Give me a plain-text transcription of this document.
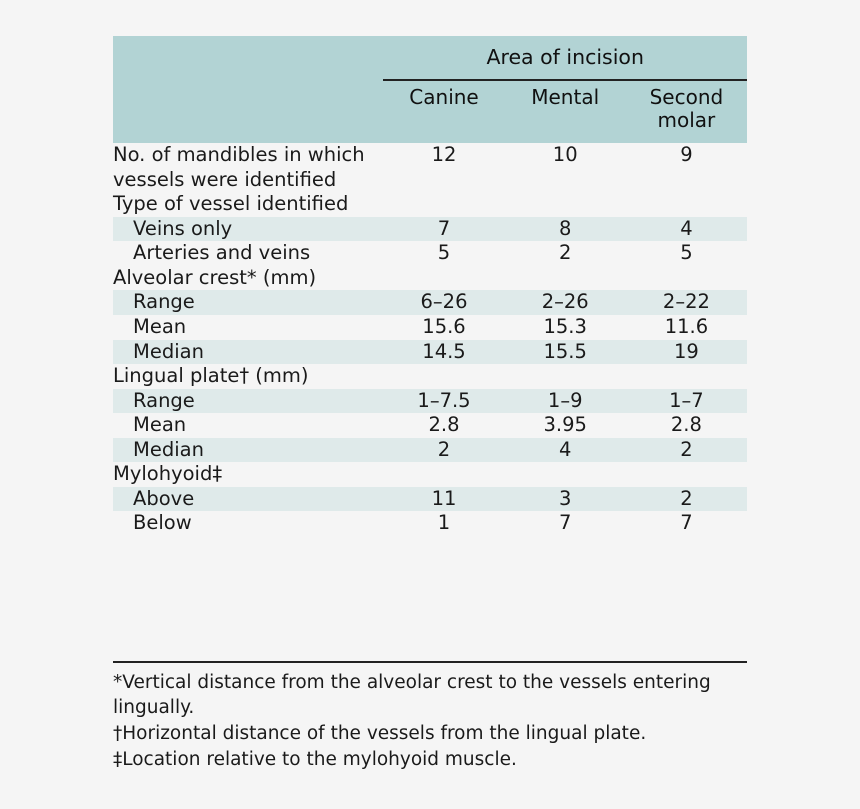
	Area of incision		

	Canine	Mental	Second molar
No. of mandibles in which vessels were identified	12	10	9
Type of vessel identified			
Veins only	7	8	4
Arteries and veins	5	2	5
Alveolar crest* (mm)			
Range	6–26	2–26	2–22
Mean	15.6	15.3	11.6
Median	14.5	15.5	19
Lingual plate† (mm)			
Range	1–7.5	1–9	1–7
Mean	2.8	3.95	2.8
Median	2	4	2
Mylohyoid‡			
Above	11	3	2
Below	1	7	7

*Vertical distance from the alveolar crest to the vessels entering lingually.

†Horizontal distance of the vessels from the lingual plate.

‡Location relative to the mylohyoid muscle.
